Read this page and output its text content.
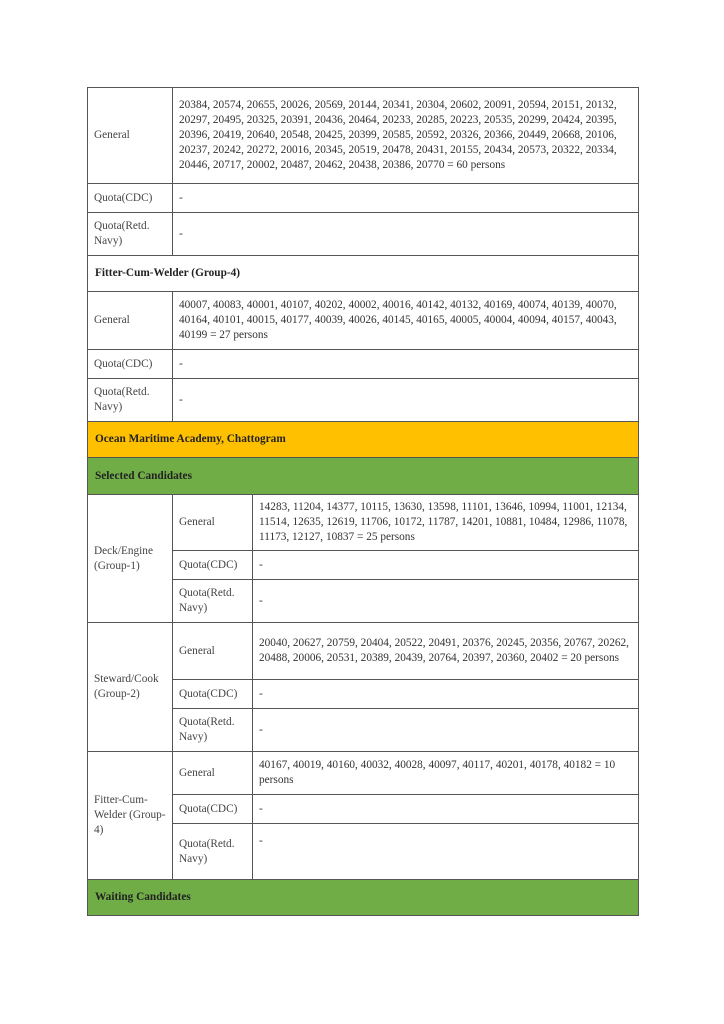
General	20384, 20574, 20655, 20026, 20569, 20144, 20341, 20304, 20602, 20091, 20594, 20151, 20132, 20297, 20495, 20325, 20391, 20436, 20464, 20233, 20285, 20223, 20535, 20299, 20424, 20395, 20396, 20419, 20640, 20548, 20425, 20399, 20585, 20592, 20326, 20366, 20449, 20668, 20106, 20237, 20242, 20272, 20016, 20345, 20519, 20478, 20431, 20155, 20434, 20573, 20322, 20334, 20446, 20717, 20002, 20487, 20462, 20438, 20386, 20770 = 60 persons	
Quota(CDC)	-	
Quota(Retd. Navy)	-	
Fitter-Cum-Welder (Group-4)		
General	40007, 40083, 40001, 40107, 40202, 40002, 40016, 40142, 40132, 40169, 40074, 40139, 40070, 40164, 40101, 40015, 40177, 40039, 40026, 40145, 40165, 40005, 40004, 40094, 40157, 40043, 40199 = 27 persons	
Quota(CDC)	-	
Quota(Retd. Navy)	-	
Ocean Maritime Academy, Chattogram		
Selected Candidates		
Deck/Engine (Group-1)	General	14283, 11204, 14377, 10115, 13630, 13598, 11101, 13646, 10994, 11001, 12134, 11514, 12635, 12619, 11706, 10172, 11787, 14201, 10881, 10484, 12986, 11078, 11173, 12127, 10837 = 25 persons
	Quota(CDC)	-
	Quota(Retd. Navy)	-
Steward/Cook (Group-2)	General	20040, 20627, 20759, 20404, 20522, 20491, 20376, 20245, 20356, 20767, 20262, 20488, 20006, 20531, 20389, 20439, 20764, 20397, 20360, 20402 = 20 persons
	Quota(CDC)	-
	Quota(Retd. Navy)	-
Fitter-Cum-Welder (Group-4)	General	40167, 40019, 40160, 40032, 40028, 40097, 40117, 40201, 40178, 40182 = 10 persons
	Quota(CDC)	-
	Quota(Retd. Navy)	-
Waiting Candidates		
